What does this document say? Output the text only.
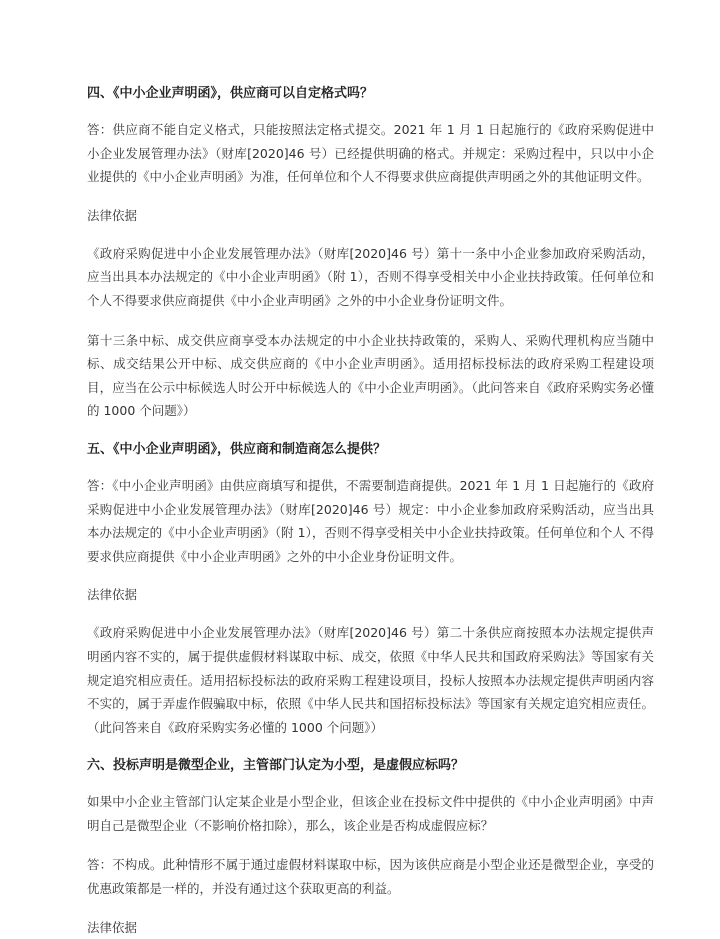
四、《中小企业声明函》，供应商可以自定格式吗？

答：供应商不能自定义格式，只能按照法定格式提交。2021 年 1 月 1 日起施行的《政府采购促进中小企业发展管理办法》（财库[2020]46 号）已经提供明确的格式。并规定：采购过程中，只以中小企业提供的《中小企业声明函》为准，任何单位和个人不得要求供应商提供声明函之外的其他证明文件。

法律依据

《政府采购促进中小企业发展管理办法》（财库[2020]46 号）第十一条中小企业参加政府采购活动，应当出具本办法规定的《中小企业声明函》（附 1），否则不得享受相关中小企业扶持政策。任何单位和个人不得要求供应商提供《中小企业声明函》之外的中小企业身份证明文件。

第十三条中标、成交供应商享受本办法规定的中小企业扶持政策的，采购人、采购代理机构应当随中标、成交结果公开中标、成交供应商的《中小企业声明函》。适用招标投标法的政府采购工程建设项目，应当在公示中标候选人时公开中标候选人的《中小企业声明函》。（此问答来自《政府采购实务必懂的 1000 个问题》）

五、《中小企业声明函》，供应商和制造商怎么提供？

答：《中小企业声明函》由供应商填写和提供，不需要制造商提供。2021 年 1 月 1 日起施行的《政府采购促进中小企业发展管理办法》（财库[2020]46 号）规定：中小企业参加政府采购活动，应当出具本办法规定的《中小企业声明函》（附 1），否则不得享受相关中小企业扶持政策。任何单位和个人 不得要求供应商提供《中小企业声明函》之外的中小企业身份证明文件。

法律依据

《政府采购促进中小企业发展管理办法》（财库[2020]46 号）第二十条供应商按照本办法规定提供声明函内容不实的，属于提供虚假材料谋取中标、成交，依照《中华人民共和国政府采购法》等国家有关规定追究相应责任。适用招标投标法的政府采购工程建设项目，投标人按照本办法规定提供声明函内容不实的，属于弄虚作假骗取中标，依照《中华人民共和国招标投标法》等国家有关规定追究相应责任。（此问答来自《政府采购实务必懂的 1000 个问题》）

六、投标声明是微型企业，主管部门认定为小型，是虚假应标吗？

如果中小企业主管部门认定某企业是小型企业，但该企业在投标文件中提供的《中小企业声明函》中声明自己是微型企业（不影响价格扣除），那么，该企业是否构成虚假应标？

答：不构成。此种情形不属于通过虚假材料谋取中标，因为该供应商是小型企业还是微型企业，享受的优惠政策都是一样的，并没有通过这个获取更高的利益。

法律依据
